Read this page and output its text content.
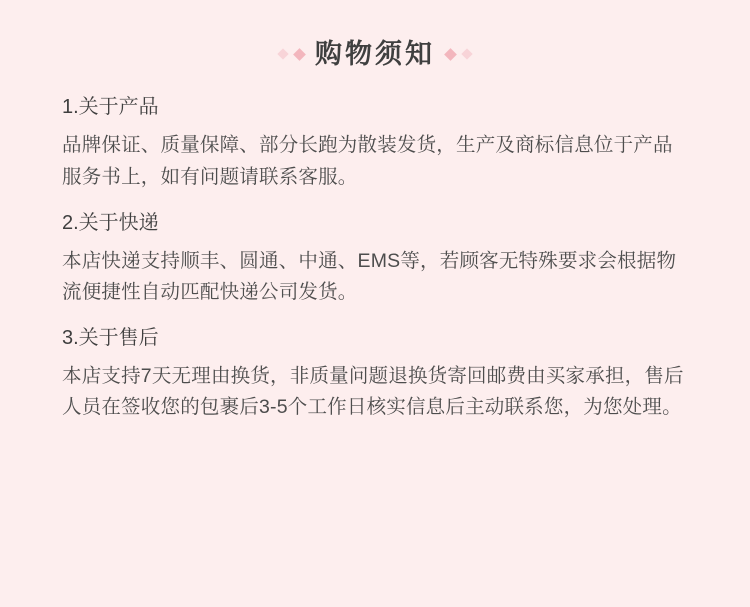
购物须知
1.关于产品

品牌保证、质量保障、部分长跑为散装发货，生产及商标信息位于产品服务书上，如有问题请联系客服。

2.关于快递

本店快递支持顺丰、圆通、中通、EMS等，若顾客无特殊要求会根据物流便捷性自动匹配快递公司发货。

3.关于售后

本店支持7天无理由换货，非质量问题退换货寄回邮费由买家承担，售后人员在签收您的包裹后3-5个工作日核实信息后主动联系您，为您处理。
